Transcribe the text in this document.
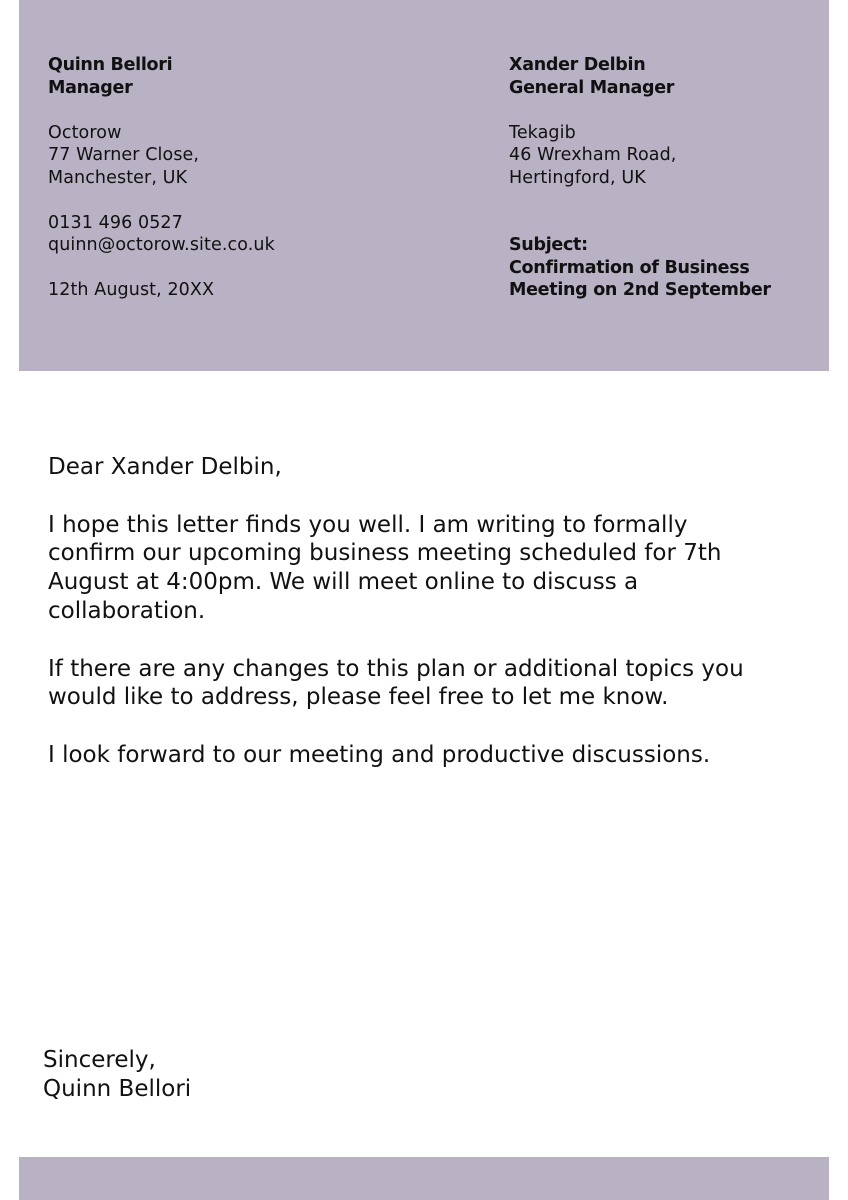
Quinn Bellori
Manager
Octorow
77 Warner Close,
Manchester, UK
0131 496 0527
quinn@octorow.site.co.uk
12th August, 20XX
Xander Delbin
General Manager
Tekagib
46 Wrexham Road,
Hertingford, UK
Subject:
Confirmation of Business
Meeting on 2nd September

Dear Xander Delbin,

I hope this letter finds you well. I am writing to formally
confirm our upcoming business meeting scheduled for 7th
August at 4:00pm. We will meet online to discuss a
collaboration.

If there are any changes to this plan or additional topics you
would like to address, please feel free to let me know.

I look forward to our meeting and productive discussions.

Sincerely,
Quinn Bellori
